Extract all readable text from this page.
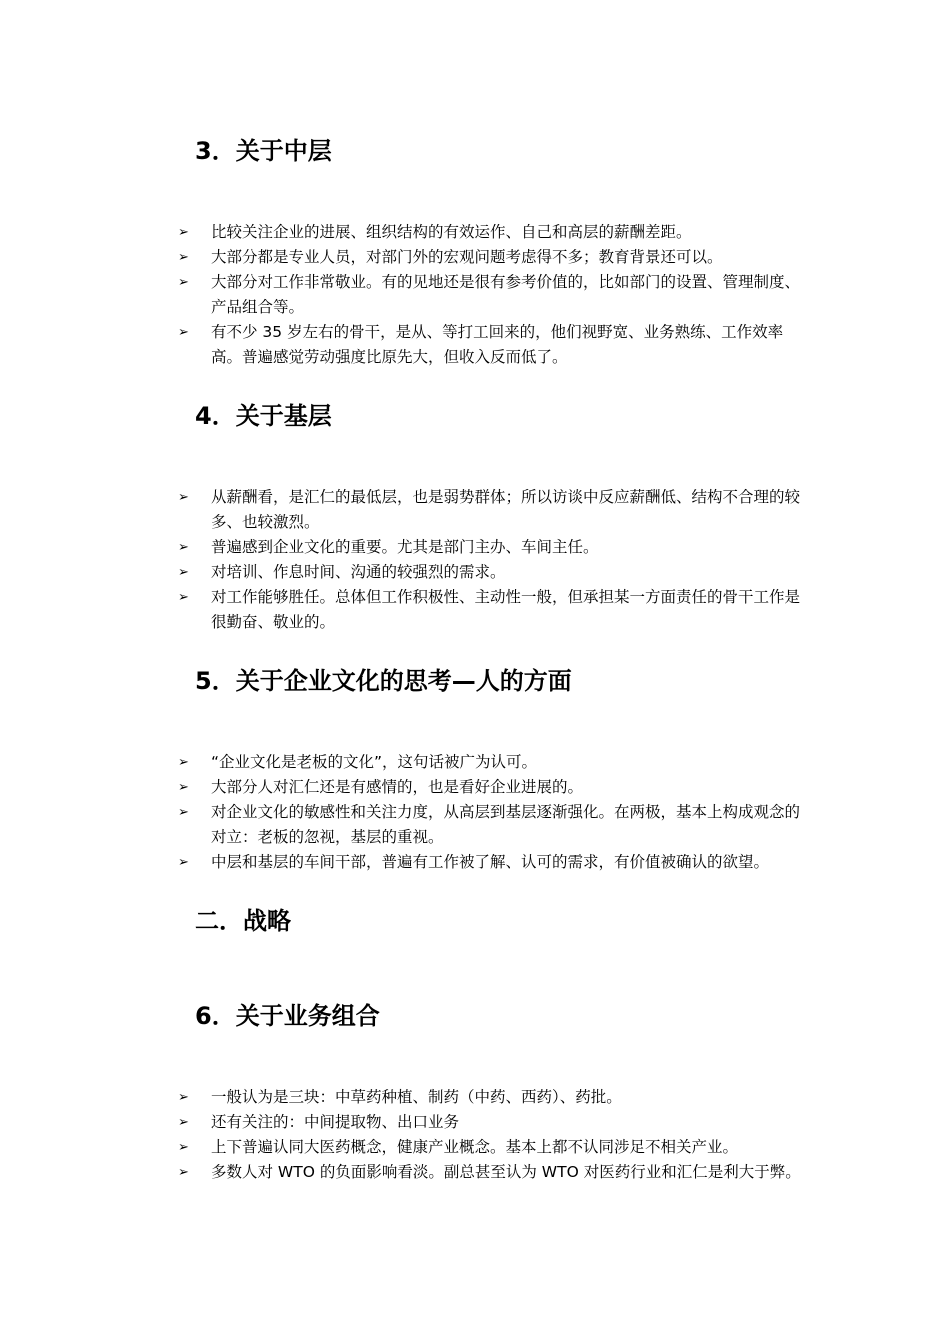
3．关于中层
➢	比较关注企业的进展、组织结构的有效运作、自己和高层的薪酬差距。
➢	大部分都是专业人员，对部门外的宏观问题考虑得不多；教育背景还可以。
➢	大部分对工作非常敬业。有的见地还是很有参考价值的，比如部门的设置、管理制度、产品组合等。
➢	有不少 35 岁左右的骨干，是从、等打工回来的，他们视野宽、业务熟练、工作效率高。普遍感觉劳动强度比原先大，但收入反而低了。
4．关于基层
➢	从薪酬看，是汇仁的最低层，也是弱势群体；所以访谈中反应薪酬低、结构不合理的较多、也较激烈。
➢	普遍感到企业文化的重要。尤其是部门主办、车间主任。
➢	对培训、作息时间、沟通的较强烈的需求。
➢	对工作能够胜任。总体但工作积极性、主动性一般，但承担某一方面责任的骨干工作是很勤奋、敬业的。
5．关于企业文化的思考—人的方面
➢	“企业文化是老板的文化”，这句话被广为认可。
➢	大部分人对汇仁还是有感情的，也是看好企业进展的。
➢	对企业文化的敏感性和关注力度，从高层到基层逐渐强化。在两极，基本上构成观念的对立：老板的忽视，基层的重视。
➢	中层和基层的车间干部，普遍有工作被了解、认可的需求，有价值被确认的欲望。
二．战略
6．关于业务组合
➢	一般认为是三块：中草药种植、制药（中药、西药）、药批。
➢	还有关注的：中间提取物、出口业务
➢	上下普遍认同大医药概念，健康产业概念。基本上都不认同涉足不相关产业。
➢	多数人对 WTO 的负面影响看淡。副总甚至认为 WTO 对医药行业和汇仁是利大于弊。
